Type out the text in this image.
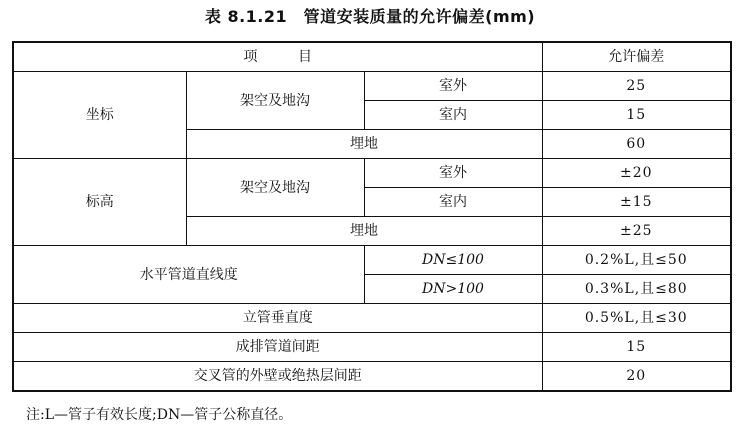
表 8.1.21　管道安装质量的允许偏差(mm)
项 目			允许偏差
坐标	架空及地沟	室外	25
		室内	15
	埋地		60
标高	架空及地沟	室外	±20
		室内	±15
	埋地		±25
水平管道直线度		DN≤100	0.2%L,且≤50
		DN>100	0.3%L,且≤80
立管垂直度			0.5%L,且≤30
成排管道间距			15
交叉管的外壁或绝热层间距			20
注:L—管子有效长度;DN—管子公称直径。
